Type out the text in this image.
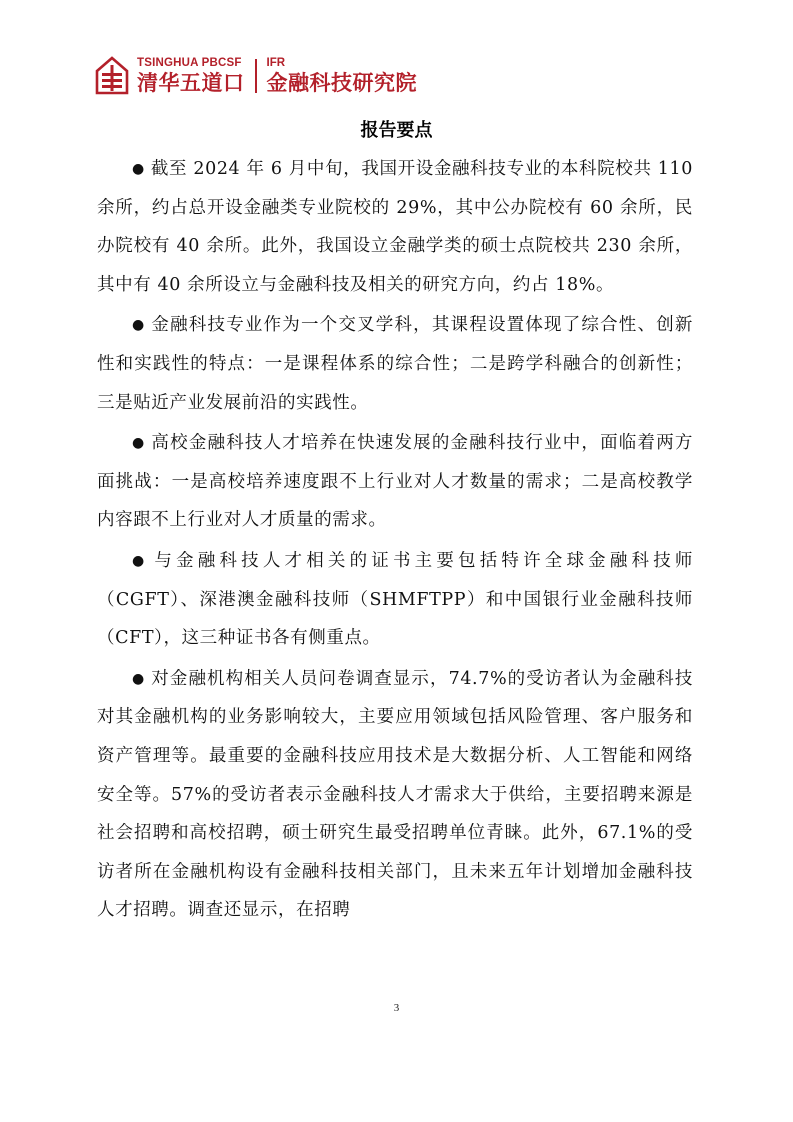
TSINGHUA PBCSF
清华五道口
IFR
金融科技研究院
报告要点

● 截至 2024 年 6 月中旬，我国开设金融科技专业的本科院校共 110 余所，约占总开设金融类专业院校的 29%，其中公办院校有 60 余所，民办院校有 40 余所。此外，我国设立金融学类的硕士点院校共 230 余所，其中有 40 余所设立与金融科技及相关的研究方向，约占 18%。

● 金融科技专业作为一个交叉学科，其课程设置体现了综合性、创新性和实践性的特点：一是课程体系的综合性；二是跨学科融合的创新性；三是贴近产业发展前沿的实践性。

● 高校金融科技人才培养在快速发展的金融科技行业中，面临着两方面挑战：一是高校培养速度跟不上行业对人才数量的需求；二是高校教学内容跟不上行业对人才质量的需求。

● 与金融科技人才相关的证书主要包括特许全球金融科技师（CGFT）、深港澳金融科技师（SHMFTPP）和中国银行业金融科技师（CFT），这三种证书各有侧重点。

● 对金融机构相关人员问卷调查显示，74.7%的受访者认为金融科技对其金融机构的业务影响较大，主要应用领域包括风险管理、客户服务和资产管理等。最重要的金融科技应用技术是大数据分析、人工智能和网络安全等。57%的受访者表示金融科技人才需求大于供给，主要招聘来源是社会招聘和高校招聘，硕士研究生最受招聘单位青睐。此外，67.1%的受访者所在金融机构设有金融科技相关部门，且未来五年计划增加金融科技人才招聘。调查还显示，在招聘

3
